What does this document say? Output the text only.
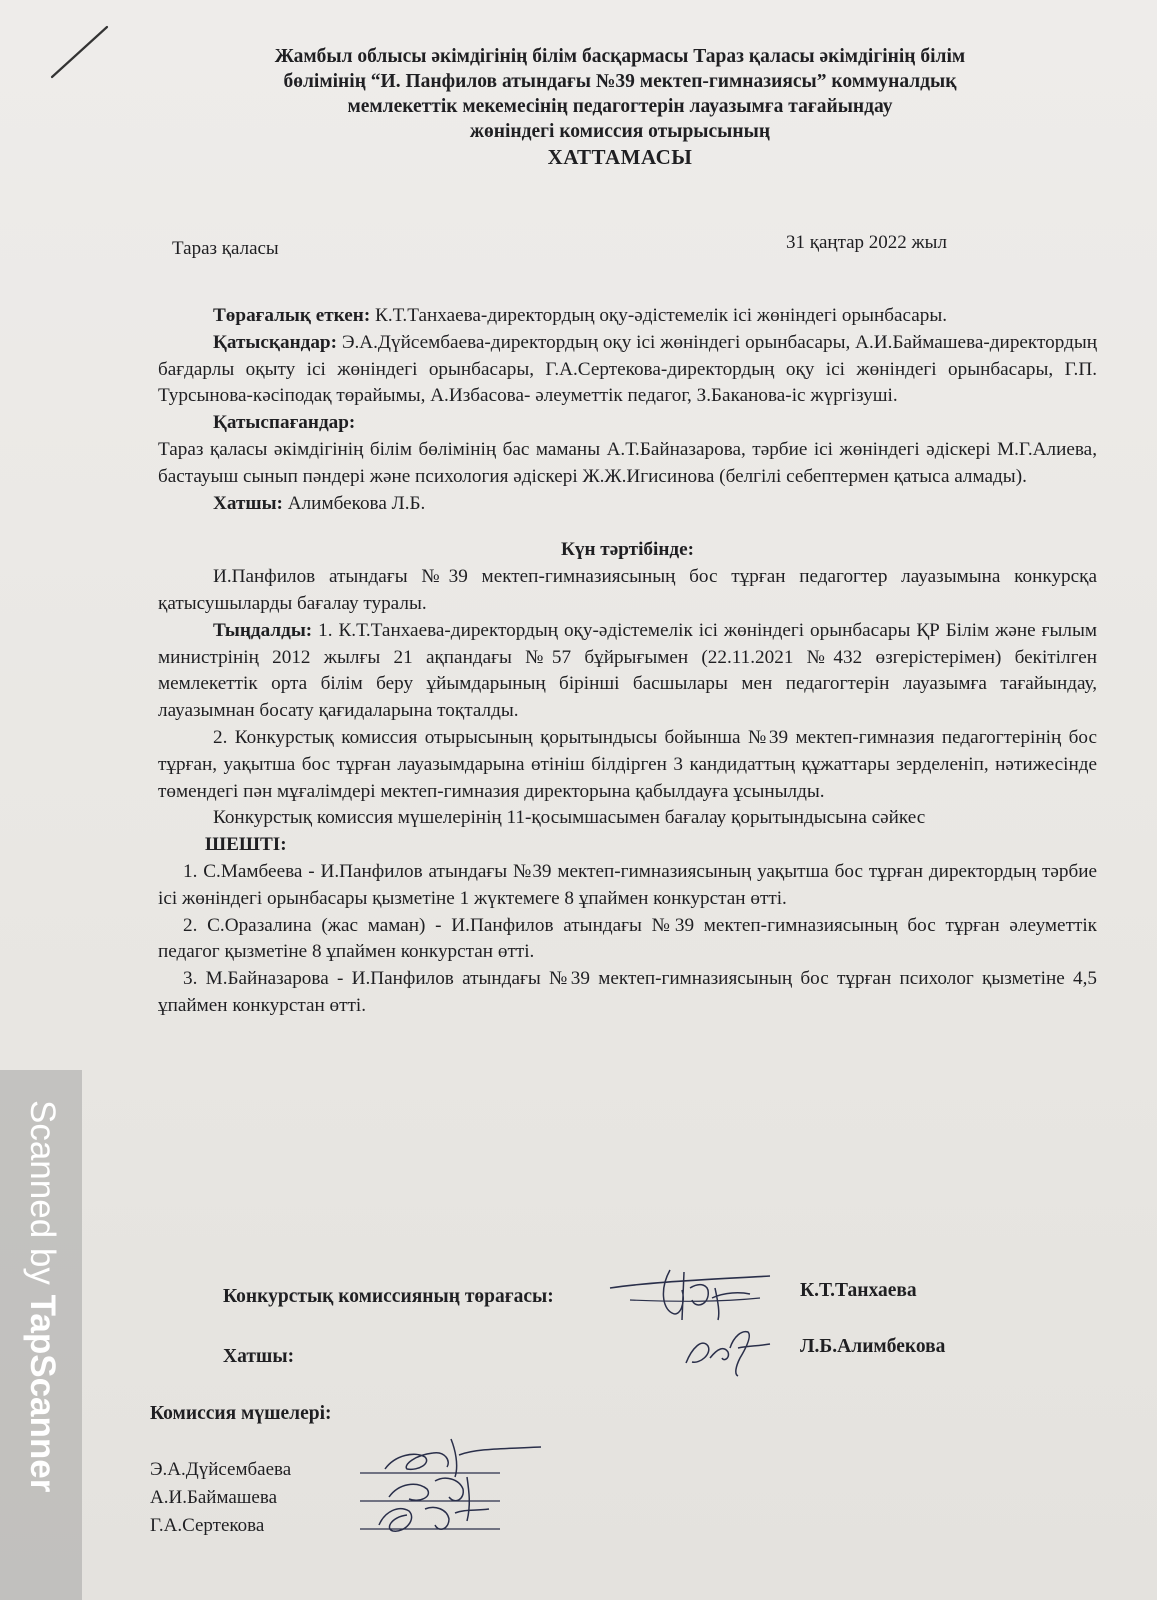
Жамбыл облысы әкімдігінің білім басқармасы Тараз қаласы әкімдігінің білім
бөлімінің “И. Панфилов атындағы №39 мектеп-гимназиясы” коммуналдық
мемлекеттік мекемесінің педагогтерін лауазымға тағайындау
жөніндегі комиссия отырысының
ХАТТАМАСЫ
Тараз қаласы	31 қаңтар 2022 жыл

Төрағалық еткен: К.Т.Танхаева-директордың оқу-әдістемелік ісі жөніндегі орынбасары.

Қатысқандар: Э.А.Дүйсембаева-директордың оқу ісі жөніндегі орынбасары, А.И.Баймашева-директордың бағдарлы оқыту ісі жөніндегі орынбасары, Г.А.Сертекова-директордың оқу ісі жөніндегі орынбасары, Г.П. Турсынова-кәсіподақ төрайымы, А.Избасова- әлеуметтік педагог, З.Баканова-іс жүргізуші.

Қатыспағандар:

Тараз қаласы әкімдігінің білім бөлімінің бас маманы А.Т.Байназарова, тәрбие ісі жөніндегі әдіскері М.Г.Алиева, бастауыш сынып пәндері және психология әдіскері Ж.Ж.Игисинова (белгілі себептермен қатыса алмады).

Хатшы: Алимбекова Л.Б.

Күн тәртібінде:

И.Панфилов атындағы №39 мектеп-гимназиясының бос тұрған педагогтер лауазымына конкурсқа қатысушыларды бағалау туралы.

Тыңдалды: 1. К.Т.Танхаева-директордың оқу-әдістемелік ісі жөніндегі орынбасары ҚР Білім және ғылым министрінің 2012 жылғы 21 ақпандағы №57 бұйрығымен (22.11.2021 №432 өзгерістерімен) бекітілген мемлекеттік орта білім беру ұйымдарының бірінші басшылары мен педагогтерін лауазымға тағайындау, лауазымнан босату қағидаларына тоқталды.

2. Конкурстық комиссия отырысының қорытындысы бойынша №39 мектеп-гимназия педагогтерінің бос тұрған, уақытша бос тұрған лауазымдарына өтініш білдірген 3 кандидаттың құжаттары зерделеніп, нәтижесінде төмендегі пән мұғалімдері мектеп-гимназия директорына қабылдауға ұсынылды.

Конкурстық комиссия мүшелерінің 11-қосымшасымен бағалау қорытындысына сәйкес

ШЕШТІ:

1. С.Мамбеева - И.Панфилов атындағы №39 мектеп-гимназиясының уақытша бос тұрған директордың тәрбие ісі жөніндегі орынбасары қызметіне 1 жүктемеге 8 ұпаймен конкурстан өтті.

2. С.Оразалина (жас маман) - И.Панфилов атындағы №39 мектеп-гимназиясының бос тұрған әлеуметтік педагог қызметіне 8 ұпаймен конкурстан өтті.

3. М.Байназарова - И.Панфилов атындағы №39 мектеп-гимназиясының бос тұрған психолог қызметіне 4,5 ұпаймен конкурстан өтті.

Конкурстық комиссияның төрағасы:	К.Т.Танхаева
Хатшы:	Л.Б.Алимбекова
Комиссия мүшелері:
Э.А.Дүйсембаева
А.И.Баймашева
Г.А.Сертекова
Scanned by TapScanner
